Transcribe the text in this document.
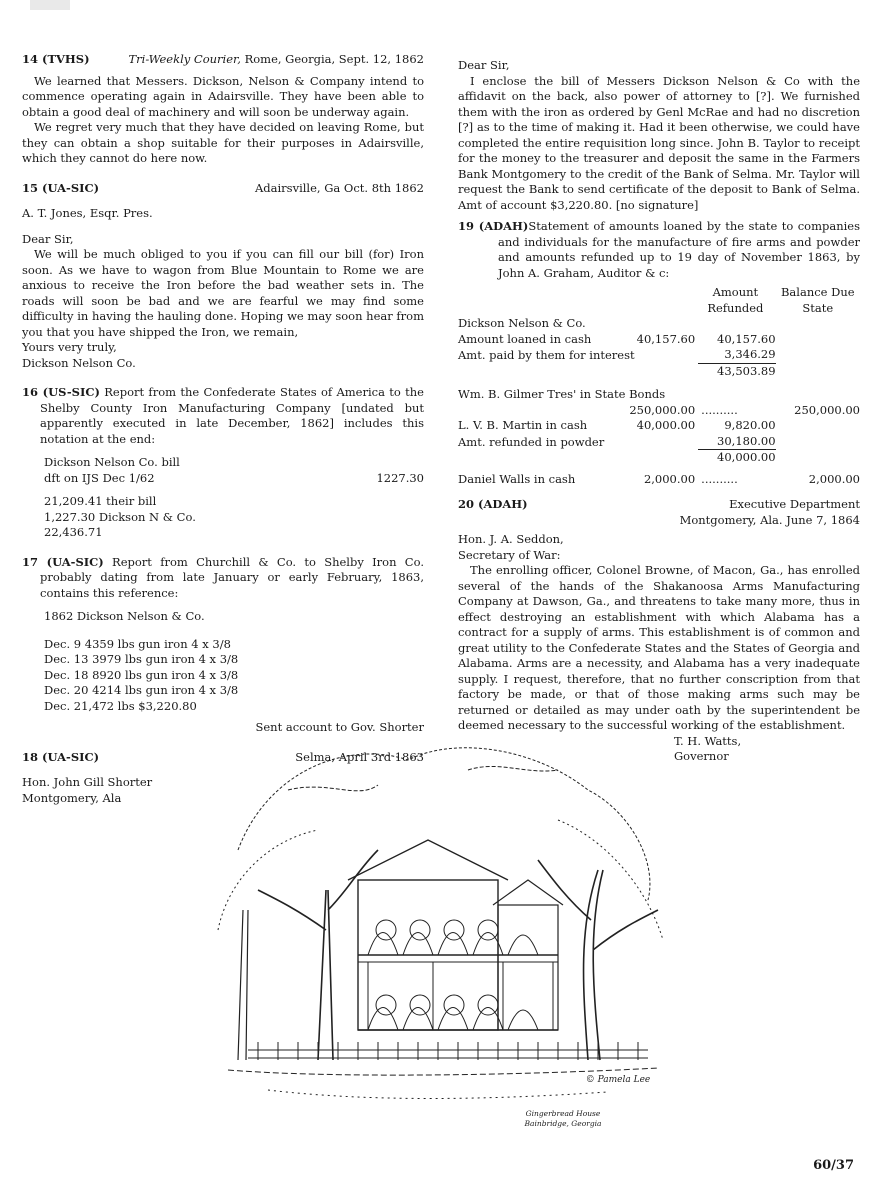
14 (TVHS)	Tri-Weekly Courier, Rome, Georgia, Sept. 12, 1862

We learned that Messers. Dickson, Nelson & Company intend to commence operating again in Adairsville. They have been able to obtain a good deal of machinery and will soon be underway again.

We regret very much that they have decided on leaving Rome, but they can obtain a shop suitable for their purposes in Adairsville, which they cannot do here now.

15 (UA-SIC)	Adairsville, Ga Oct. 8th 1862

A. T. Jones, Esqr. Pres.

Dear Sir,

We will be much obliged to you if you can fill our bill (for) Iron soon. As we have to wagon from Blue Mountain to Rome we are anxious to receive the Iron before the bad weather sets in. The roads will soon be bad and we are fearful we may find some difficulty in having the hauling done. Hoping we may soon hear from you that you have shipped the Iron, we remain,

Yours very truly,

Dickson Nelson Co.

16 (US-SIC) Report from the Confederate States of America to the Shelby County Iron Manufacturing Company [undated but apparently executed in late December, 1862] includes this notation at the end:

Dickson Nelson Co. bill

dft on IJS Dec 1/62	1227.30

21,209.41 their bill

1,227.30 Dickson N & Co.

22,436.71

17 (UA-SIC) Report from Churchill & Co. to Shelby Iron Co. probably dating from late January or early February, 1863, contains this reference:

1862 Dickson Nelson & Co.

Dec. 9 4359 lbs gun iron 4 x 3/8

Dec. 13 3979 lbs gun iron 4 x 3/8

Dec. 18 8920 lbs gun iron 4 x 3/8

Dec. 20 4214 lbs gun iron 4 x 3/8

Dec. 21,472 lbs $3,220.80

Sent account to Gov. Shorter

18 (UA-SIC)	Selma, April 3rd 1863

Hon. John Gill Shorter

Montgomery, Ala

Dear Sir,

I enclose the bill of Messers Dickson Nelson & Co with the affidavit on the back, also power of attorney to [?]. We furnished them with the iron as ordered by Genl McRae and had no discretion [?] as to the time of making it. Had it been otherwise, we could have completed the entire requisition long since. John B. Taylor to receipt for the money to the treasurer and deposit the same in the Farmers Bank Montgomery to the credit of the Bank of Selma. Mr. Taylor will request the Bank to send certificate of the deposit to Bank of Selma. Amt of account $3,220.80. [no signature]

19 (ADAH)Statement of amounts loaned by the state to companies and individuals for the manufacture of fire arms and powder and amounts refunded up to 19 day of November 1863, by John A. Graham, Auditor & c:

		Amount	Balance Due
		Refunded	State
Dickson Nelson & Co.			
Amount loaned in cash	40,157.60	40,157.60	
Amt. paid by them for interest		3,346.29	
		43,503.89	

Wm. B. Gilmer Tres' in State Bonds			
	250,000.00	..........	250,000.00
L. V. B. Martin in cash	40,000.00	9,820.00	
Amt. refunded in powder		30,180.00	
		40,000.00	

Daniel Walls in cash	2,000.00	..........	2,000.00
20 (ADAH)	Executive Department

Montgomery, Ala. June 7, 1864

Hon. J. A. Seddon,

Secretary of War:

The enrolling officer, Colonel Browne, of Macon, Ga., has enrolled several of the hands of the Shakanoosa Arms Manufacturing Company at Dawson, Ga., and threatens to take many more, thus in effect destroying an establishment with which Alabama has a contract for a supply of arms. This establishment is of common and great utility to the Confederate States and the States of Georgia and Alabama. Arms are a necessity, and Alabama has a very inadequate supply. I request, therefore, that no further conscription from that factory be made, or that of those making arms such may be returned or detailed as may under oath by the superintendent be deemed necessary to the successful working of the establishment.

T. H. Watts,

Governor

© Pamela Lee
Gingerbread House
Bainbridge, Georgia
60/37
